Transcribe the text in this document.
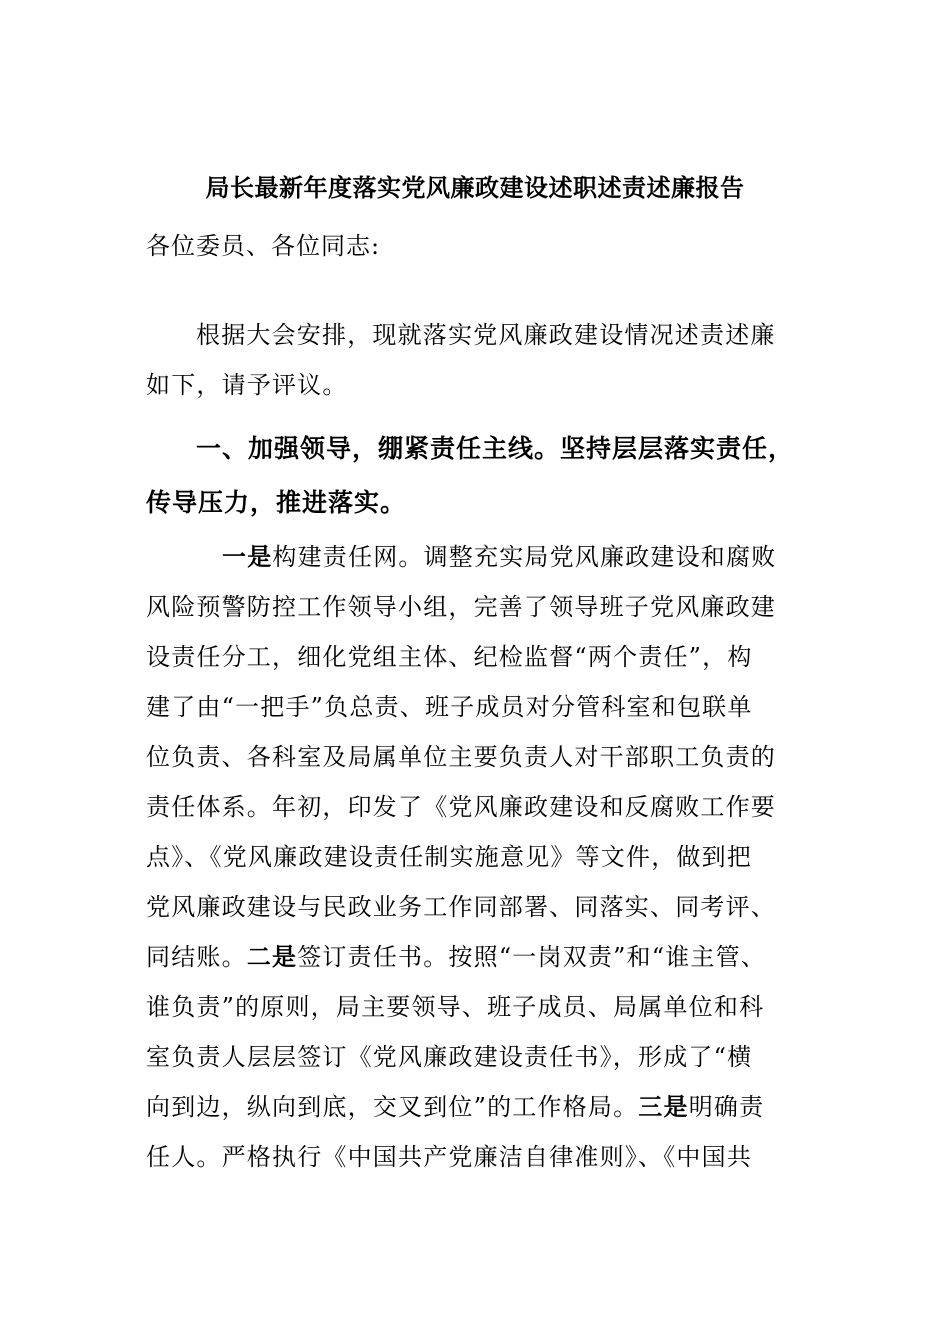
局长最新年度落实党风廉政建设述职述责述廉报告
各位委员、各位同志:
根据大会安排，现就落实党风廉政建设情况述责述廉
如下，请予评议。
一、加强领导，绷紧责任主线。坚持层层落实责任，
传导压力，推进落实。
一是构建责任网。调整充实局党风廉政建设和腐败
风险预警防控工作领导小组，完善了领导班子党风廉政建
设责任分工，细化党组主体、纪检监督“两个责任”，构
建了由“一把手”负总责、班子成员对分管科室和包联单
位负责、各科室及局属单位主要负责人对干部职工负责的
责任体系。年初，印发了《党风廉政建设和反腐败工作要
点》、《党风廉政建设责任制实施意见》等文件，做到把
党风廉政建设与民政业务工作同部署、同落实、同考评、
同结账。二是签订责任书。按照“一岗双责”和“谁主管、
谁负责”的原则，局主要领导、班子成员、局属单位和科
室负责人层层签订《党风廉政建设责任书》，形成了“横
向到边，纵向到底，交叉到位”的工作格局。三是明确责
任人。严格执行《中国共产党廉洁自律准则》、《中国共
